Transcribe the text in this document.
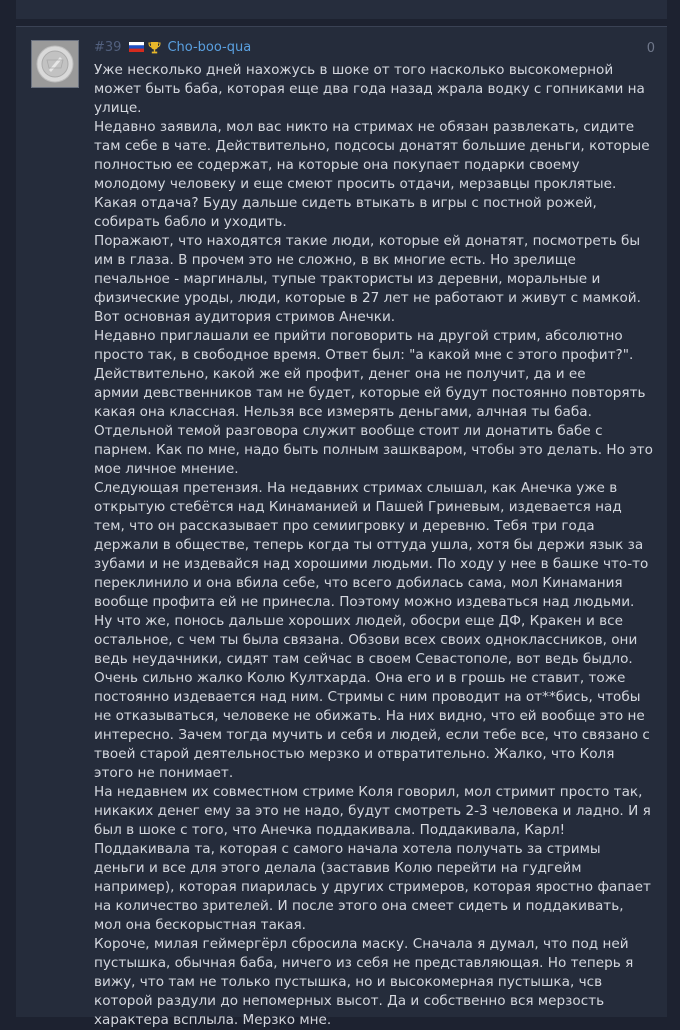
#39	Cho-boo-qua	0

Уже несколько дней нахожусь в шоке от того насколько высокомерной может быть баба, которая еще два года назад жрала водку с гопниками на улице.

Недавно заявила, мол вас никто на стримах не обязан развлекать, сидите там себе в чате. Действительно, подсосы донатят большие деньги, которые полностью ее содержат, на которые она покупает подарки своему молодому человеку и еще смеют просить отдачи, мерзавцы проклятые.

Какая отдача? Буду дальше сидеть втыкать в игры с постной рожей, собирать бабло и уходить.

Поражают, что находятся такие люди, которые ей донатят, посмотреть бы им в глаза. В прочем это не сложно, в вк многие есть. Но зрелище печальное - маргиналы, тупые трактористы из деревни, моральные и физические уроды, люди, которые в 27 лет не работают и живут с мамкой. Вот основная аудитория стримов Анечки.

Недавно приглашали ее прийти поговорить на другой стрим, абсолютно просто так, в свободное время. Ответ был: "а какой мне с этого профит?".

Действительно, какой же ей профит, денег она не получит, да и ее

армии девственников там не будет, которые ей будут постоянно повторять какая она классная. Нельзя все измерять деньгами, алчная ты баба.

Отдельной темой разговора служит вообще стоит ли донатить бабе с парнем. Как по мне, надо быть полным зашкваром, чтобы это делать. Но это мое личное мнение.

Следующая претензия. На недавних стримах слышал, как Анечка уже в открытую стебётся над Кинаманией и Пашей Гриневым, издевается над тем, что он рассказывает про семиигровку и деревню. Тебя три года держали в обществе, теперь когда ты оттуда ушла, хотя бы держи язык за зубами и не издевайся над хорошими людьми. По ходу у нее в башке что-то переклинило и она вбила себе, что всего добилась сама, мол Кинамания вообще профита ей не принесла. Поэтому можно издеваться над людьми. Ну что же, понось дальше хороших людей, обосри еще ДФ, Кракен и все остальное, с чем ты была связана. Обзови всех своих одноклассников, они ведь неудачники, сидят там сейчас в своем Севастополе, вот ведь быдло.

Очень сильно жалко Колю Култхарда. Она его и в грошь не ставит, тоже постоянно издевается над ним. Стримы с ним проводит на от**бись, чтобы не отказываться, человеке не обижать. На них видно, что ей вообще это не интересно. Зачем тогда мучить и себя и людей, если тебе все, что связано с твоей старой деятельностью мерзко и отвратительно. Жалко, что Коля этого не понимает.

На недавнем их совместном стриме Коля говорил, мол стримит просто так, никаких денег ему за это не надо, будут смотреть 2-3 человека и ладно. И я был в шоке с того, что Анечка поддакивала. Поддакивала, Карл! Поддакивала та, которая с самого начала хотела получать за стримы деньги и все для этого делала (заставив Колю перейти на гудгейм например), которая пиарилась у других стримеров, которая яростно фапает на количество зрителей. И после этого она смеет сидеть и поддакивать, мол она бескорыстная такая.

Короче, милая геймергёрл сбросила маску. Сначала я думал, что под ней пустышка, обычная баба, ничего из себя не представляющая. Но теперь я вижу, что там не только пустышка, но и высокомерная пустышка, чсв которой раздули до непомерных высот. Да и собственно вся мерзость характера всплыла. Мерзко мне.
